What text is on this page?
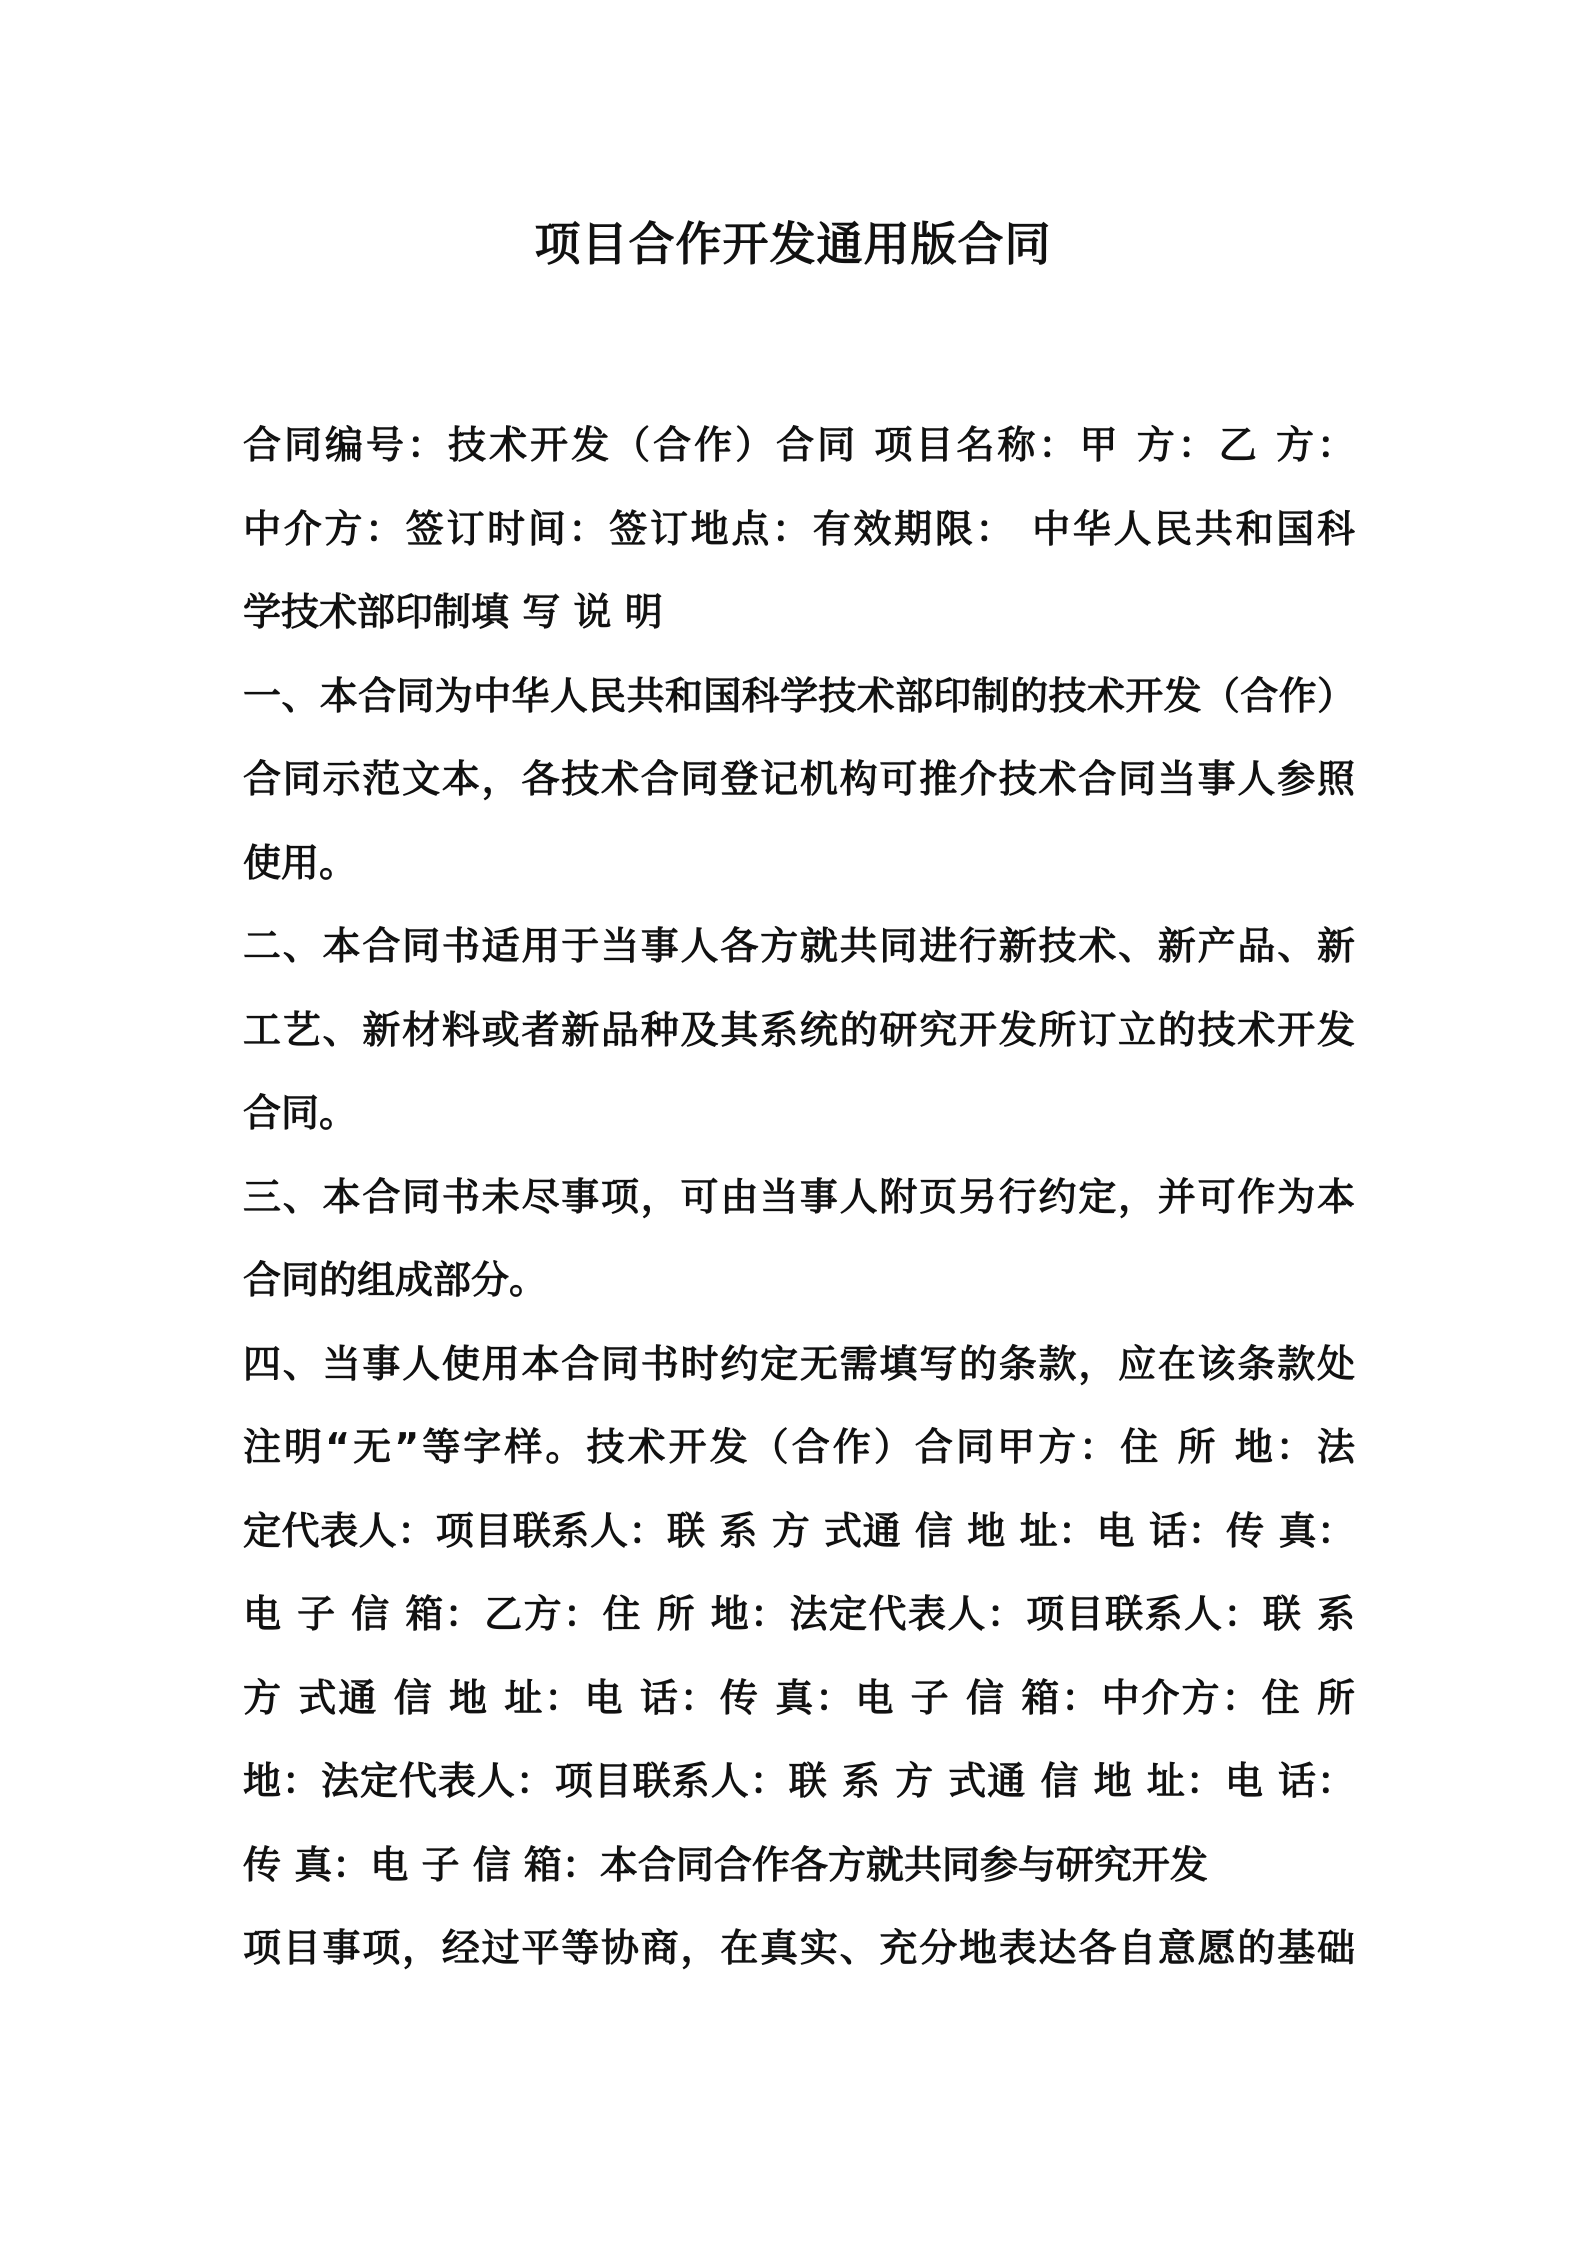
项目合作开发通用版合同
合同编号：技术开发（合作）合同 项目名称：甲 方：乙 方：
中介方：签订时间：签订地点：有效期限： 中华人民共和国科
学技术部印制填 写 说 明
一、本合同为中华人民共和国科学技术部印制的技术开发（合作）
合同示范文本，各技术合同登记机构可推介技术合同当事人参照
使用。
二、本合同书适用于当事人各方就共同进行新技术、新产品、新
工艺、新材料或者新品种及其系统的研究开发所订立的技术开发
合同。
三、本合同书未尽事项，可由当事人附页另行约定，并可作为本
合同的组成部分。
四、当事人使用本合同书时约定无需填写的条款，应在该条款处
注明“无”等字样。技术开发（合作）合同甲方：住 所 地：法
定代表人：项目联系人：联 系 方 式通 信 地 址：电 话：传 真：
电 子 信 箱：乙方：住 所 地：法定代表人：项目联系人：联 系
方 式通 信 地 址：电 话：传 真：电 子 信 箱：中介方：住 所
地：法定代表人：项目联系人：联 系 方 式通 信 地 址：电 话：
传 真：电 子 信 箱：本合同合作各方就共同参与研究开发
项目事项，经过平等协商，在真实、充分地表达各自意愿的基础
